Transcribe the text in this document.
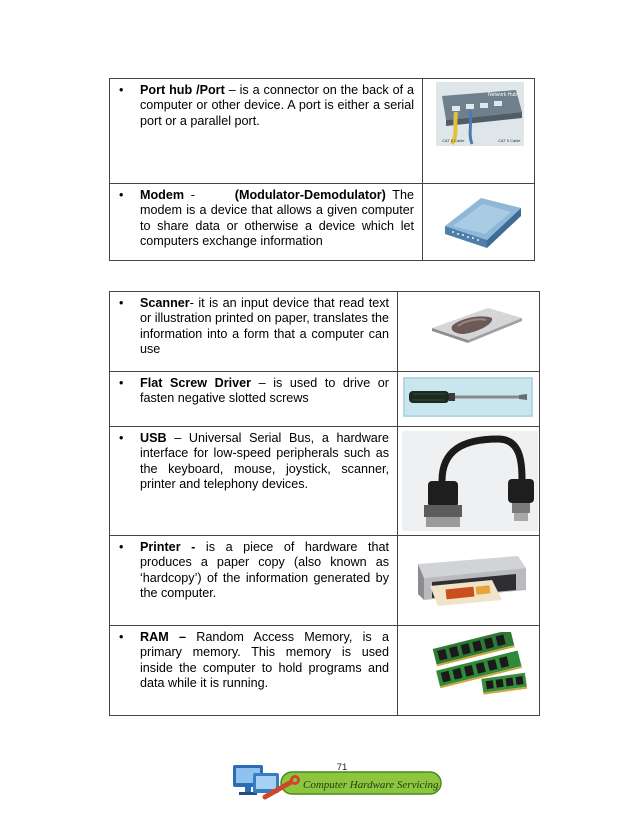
• Port hub /Port – is a connector on the back of a computer or other device. A port is either a serial port or a parallel port.	Network Hub
CAT 5 Cable CAT 5 Cable

• Modem -      (Modulator-Demodulator) The modem is a device that allows a given computer to share data or otherwise a device which let computers exchange information

• Scanner- it is an input device that read text or illustration printed on paper, translates the information into a form that a computer can use

• Flat Screw Driver – is used to drive or fasten negative slotted screws

• USB – Universal Serial Bus, a hardware interface for low-speed peripherals such as the keyboard, mouse, joystick, scanner, printer and telephony devices.

• Printer - is a piece of hardware that produces a paper copy (also known as ‘hardcopy’) of the information generated by the computer.

• RAM – Random Access Memory, is a primary memory. This memory is used inside the computer to hold programs and data while it is running.

Computer Hardware Servicing
71
